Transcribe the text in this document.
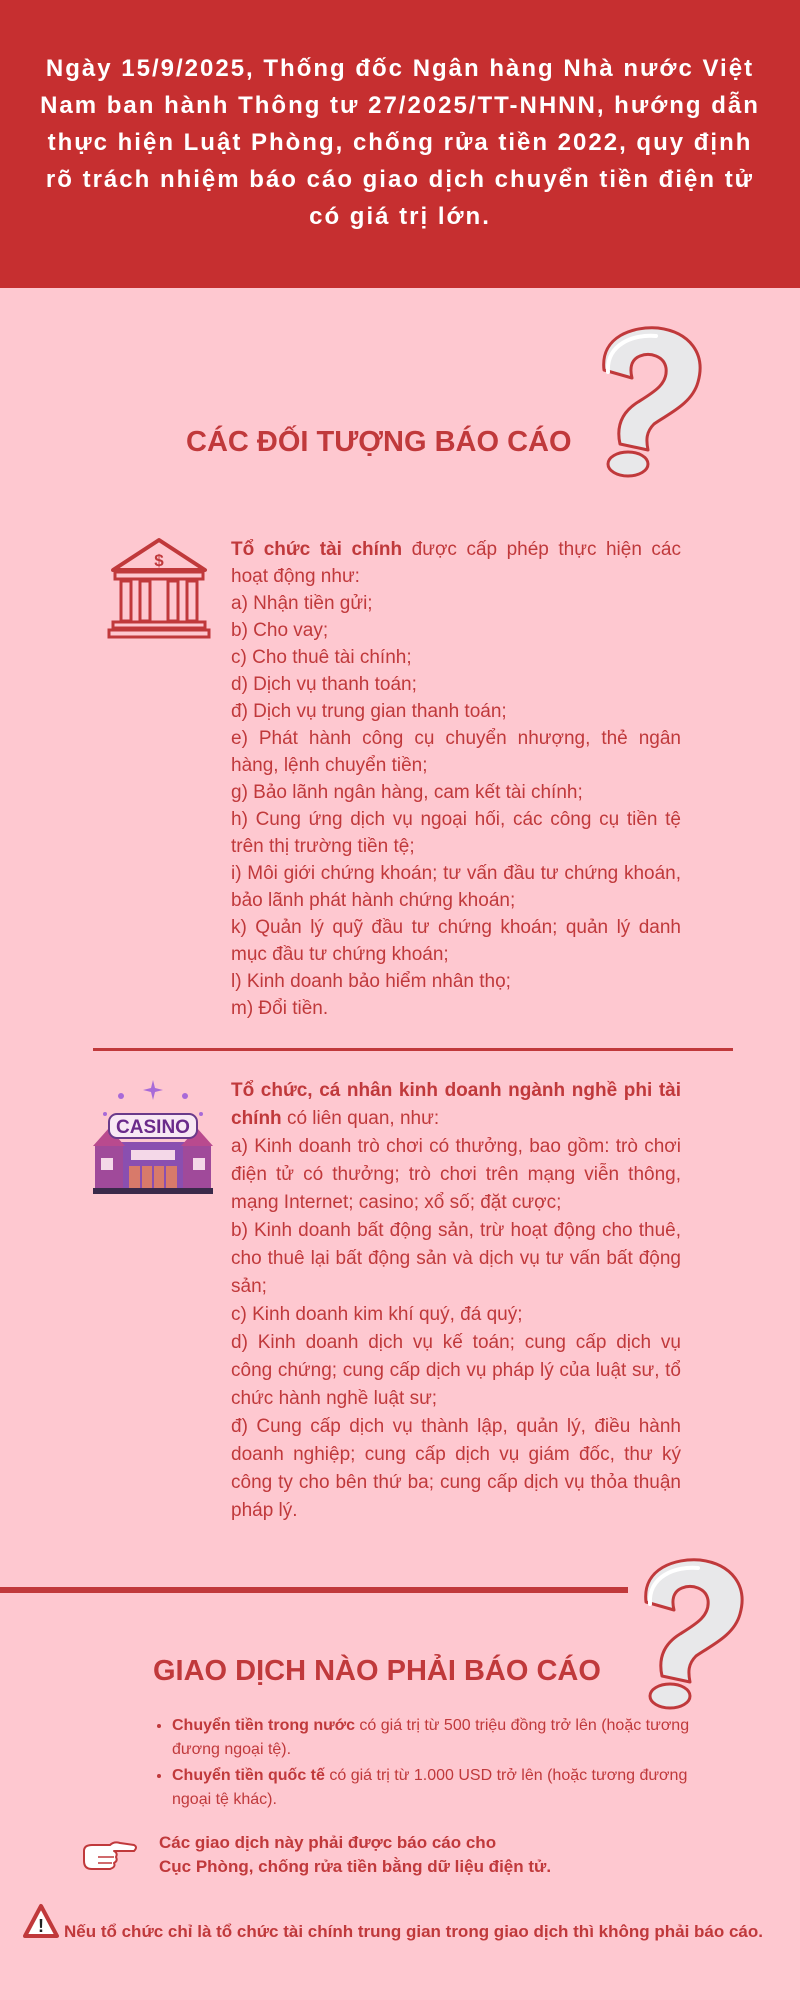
Ngày 15/9/2025, Thống đốc Ngân hàng Nhà nước Việt Nam ban hành Thông tư 27/2025/TT-NHNN, hướng dẫn thực hiện Luật Phòng, chống rửa tiền 2022, quy định rõ trách nhiệm báo cáo giao dịch chuyển tiền điện tử có giá trị lớn.
CÁC ĐỐI TƯỢNG BÁO CÁO
$

Tổ chức tài chính được cấp phép thực hiện các hoạt động như:

a) Nhận tiền gửi;

b) Cho vay;

c) Cho thuê tài chính;

d) Dịch vụ thanh toán;

đ) Dịch vụ trung gian thanh toán;

e) Phát hành công cụ chuyển nhượng, thẻ ngân hàng, lệnh chuyển tiền;

g) Bảo lãnh ngân hàng, cam kết tài chính;

h) Cung ứng dịch vụ ngoại hối, các công cụ tiền tệ trên thị trường tiền tệ;

i) Môi giới chứng khoán; tư vấn đầu tư chứng khoán, bảo lãnh phát hành chứng khoán;

k) Quản lý quỹ đầu tư chứng khoán; quản lý danh mục đầu tư chứng khoán;

l) Kinh doanh bảo hiểm nhân thọ;

m) Đổi tiền.

CASINO

Tổ chức, cá nhân kinh doanh ngành nghề phi tài chính có liên quan, như:

a) Kinh doanh trò chơi có thưởng, bao gồm: trò chơi điện tử có thưởng; trò chơi trên mạng viễn thông, mạng Internet; casino; xổ số; đặt cược;

b) Kinh doanh bất động sản, trừ hoạt động cho thuê, cho thuê lại bất động sản và dịch vụ tư vấn bất động sản;

c) Kinh doanh kim khí quý, đá quý;

d) Kinh doanh dịch vụ kế toán; cung cấp dịch vụ công chứng; cung cấp dịch vụ pháp lý của luật sư, tổ chức hành nghề luật sư;

đ) Cung cấp dịch vụ thành lập, quản lý, điều hành doanh nghiệp; cung cấp dịch vụ giám đốc, thư ký công ty cho bên thứ ba; cung cấp dịch vụ thỏa thuận pháp lý.

GIAO DỊCH NÀO PHẢI BÁO CÁO
• Chuyển tiền trong nước có giá trị từ 500 triệu đồng trở lên (hoặc tương đương ngoại tệ).
• Chuyển tiền quốc tế có giá trị từ 1.000 USD trở lên (hoặc tương đương ngoại tệ khác).
Các giao dịch này phải được báo cáo cho
Cục Phòng, chống rửa tiền bằng dữ liệu điện tử.
! Nếu tổ chức chỉ là tổ chức tài chính trung gian trong giao dịch thì không phải báo cáo.
